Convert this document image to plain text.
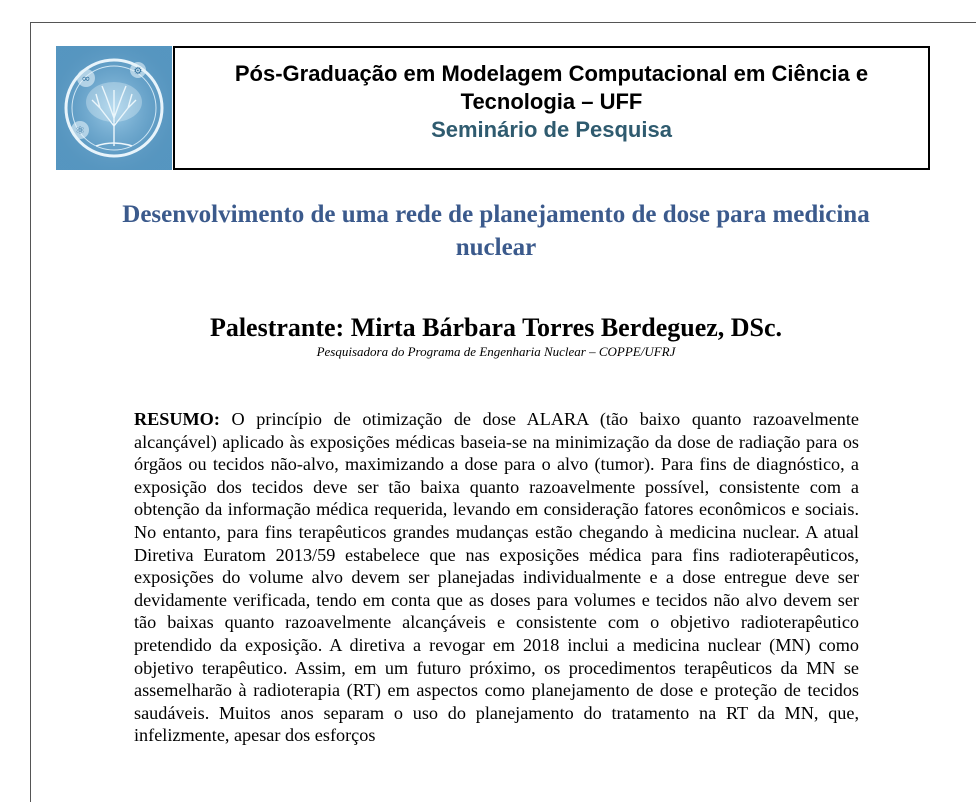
∞
⚙
⚛
Pós-Graduação em Modelagem Computacional em Ciência e Tecnologia – UFF
Seminário de Pesquisa
Desenvolvimento de uma rede de planejamento de dose para medicina nuclear
Palestrante: Mirta Bárbara Torres Berdeguez, DSc.
Pesquisadora do Programa de Engenharia Nuclear – COPPE/UFRJ
RESUMO: O princípio de otimização de dose ALARA (tão baixo quanto razoavelmente alcançável) aplicado às exposições médicas baseia-se na minimização da dose de radiação para os órgãos ou tecidos não-alvo, maximizando a dose para o alvo (tumor). Para fins de diagnóstico, a exposição dos tecidos deve ser tão baixa quanto razoavelmente possível, consistente com a obtenção da informação médica requerida, levando em consideração fatores econômicos e sociais. No entanto, para fins terapêuticos grandes mudanças estão chegando à medicina nuclear. A atual Diretiva Euratom 2013/59 estabelece que nas exposições médica para fins radioterapêuticos, exposições do volume alvo devem ser planejadas individualmente e a dose entregue deve ser devidamente verificada, tendo em conta que as doses para volumes e tecidos não alvo devem ser tão baixas quanto razoavelmente alcançáveis e consistente com o objetivo radioterapêutico pretendido da exposição. A diretiva a revogar em 2018 inclui a medicina nuclear (MN) como objetivo terapêutico. Assim, em um futuro próximo, os procedimentos terapêuticos da MN se assemelharão à radioterapia (RT) em aspectos como planejamento de dose e proteção de tecidos saudáveis. Muitos anos separam o uso do planejamento do tratamento na RT da MN, que, infelizmente, apesar dos esforços
